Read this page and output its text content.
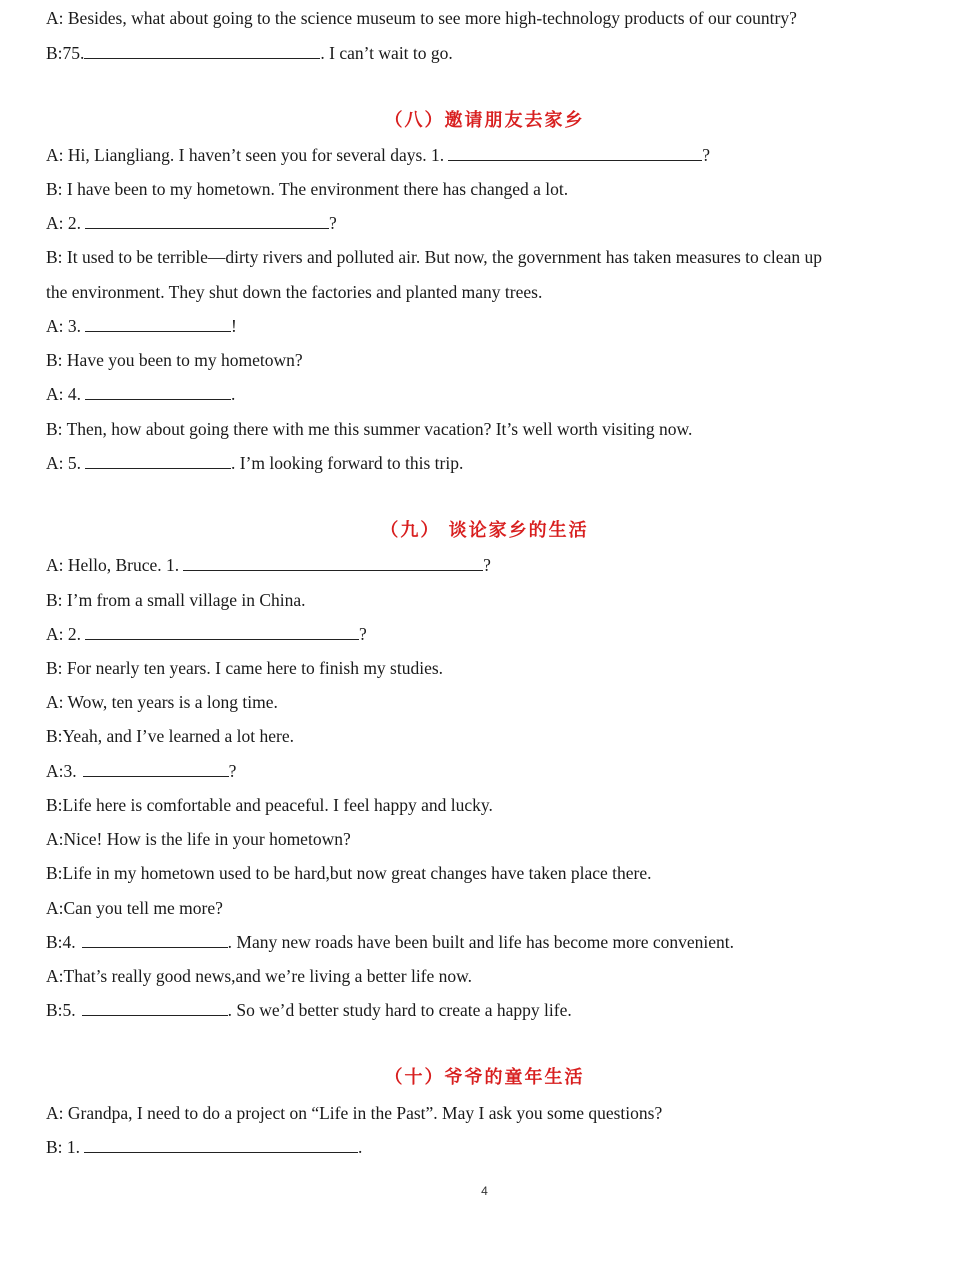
A: Besides, what about going to the science museum to see more high-technology products of our country?
B:75.	. I can’t wait to go.
（八）邀请朋友去家乡
A: Hi, Liangliang. I haven’t seen you for several days. 1.	?
B: I have been to my hometown. The environment there has changed a lot.
A: 2.	?
B: It used to be terrible—dirty rivers and polluted air. But now, the government has taken measures to clean up
the environment. They shut down the factories and planted many trees.
A: 3.	!
B: Have you been to my hometown?
A: 4.	.
B: Then, how about going there with me this summer vacation? It’s well worth visiting now.
A: 5.	. I’m looking forward to this trip.
（九） 谈论家乡的生活
A: Hello, Bruce. 1.	?
B: I’m from a small village in China.
A: 2.	?
B: For nearly ten years. I came here to finish my studies.
A: Wow, ten years is a long time.
B:Yeah, and I’ve learned a lot here.
A:3.	?
B:Life here is comfortable and peaceful. I feel happy and lucky.
A:Nice! How is the life in your hometown?
B:Life in my hometown used to be hard,but now great changes have taken place there.
A:Can you tell me more?
B:4.	. Many new roads have been built and life has become more convenient.
A:That’s really good news,and we’re living a better life now.
B:5.	. So we’d better study hard to create a happy life.
（十）爷爷的童年生活
A: Grandpa, I need to do a project on “Life in the Past”. May I ask you some questions?
B: 1.	.
4
